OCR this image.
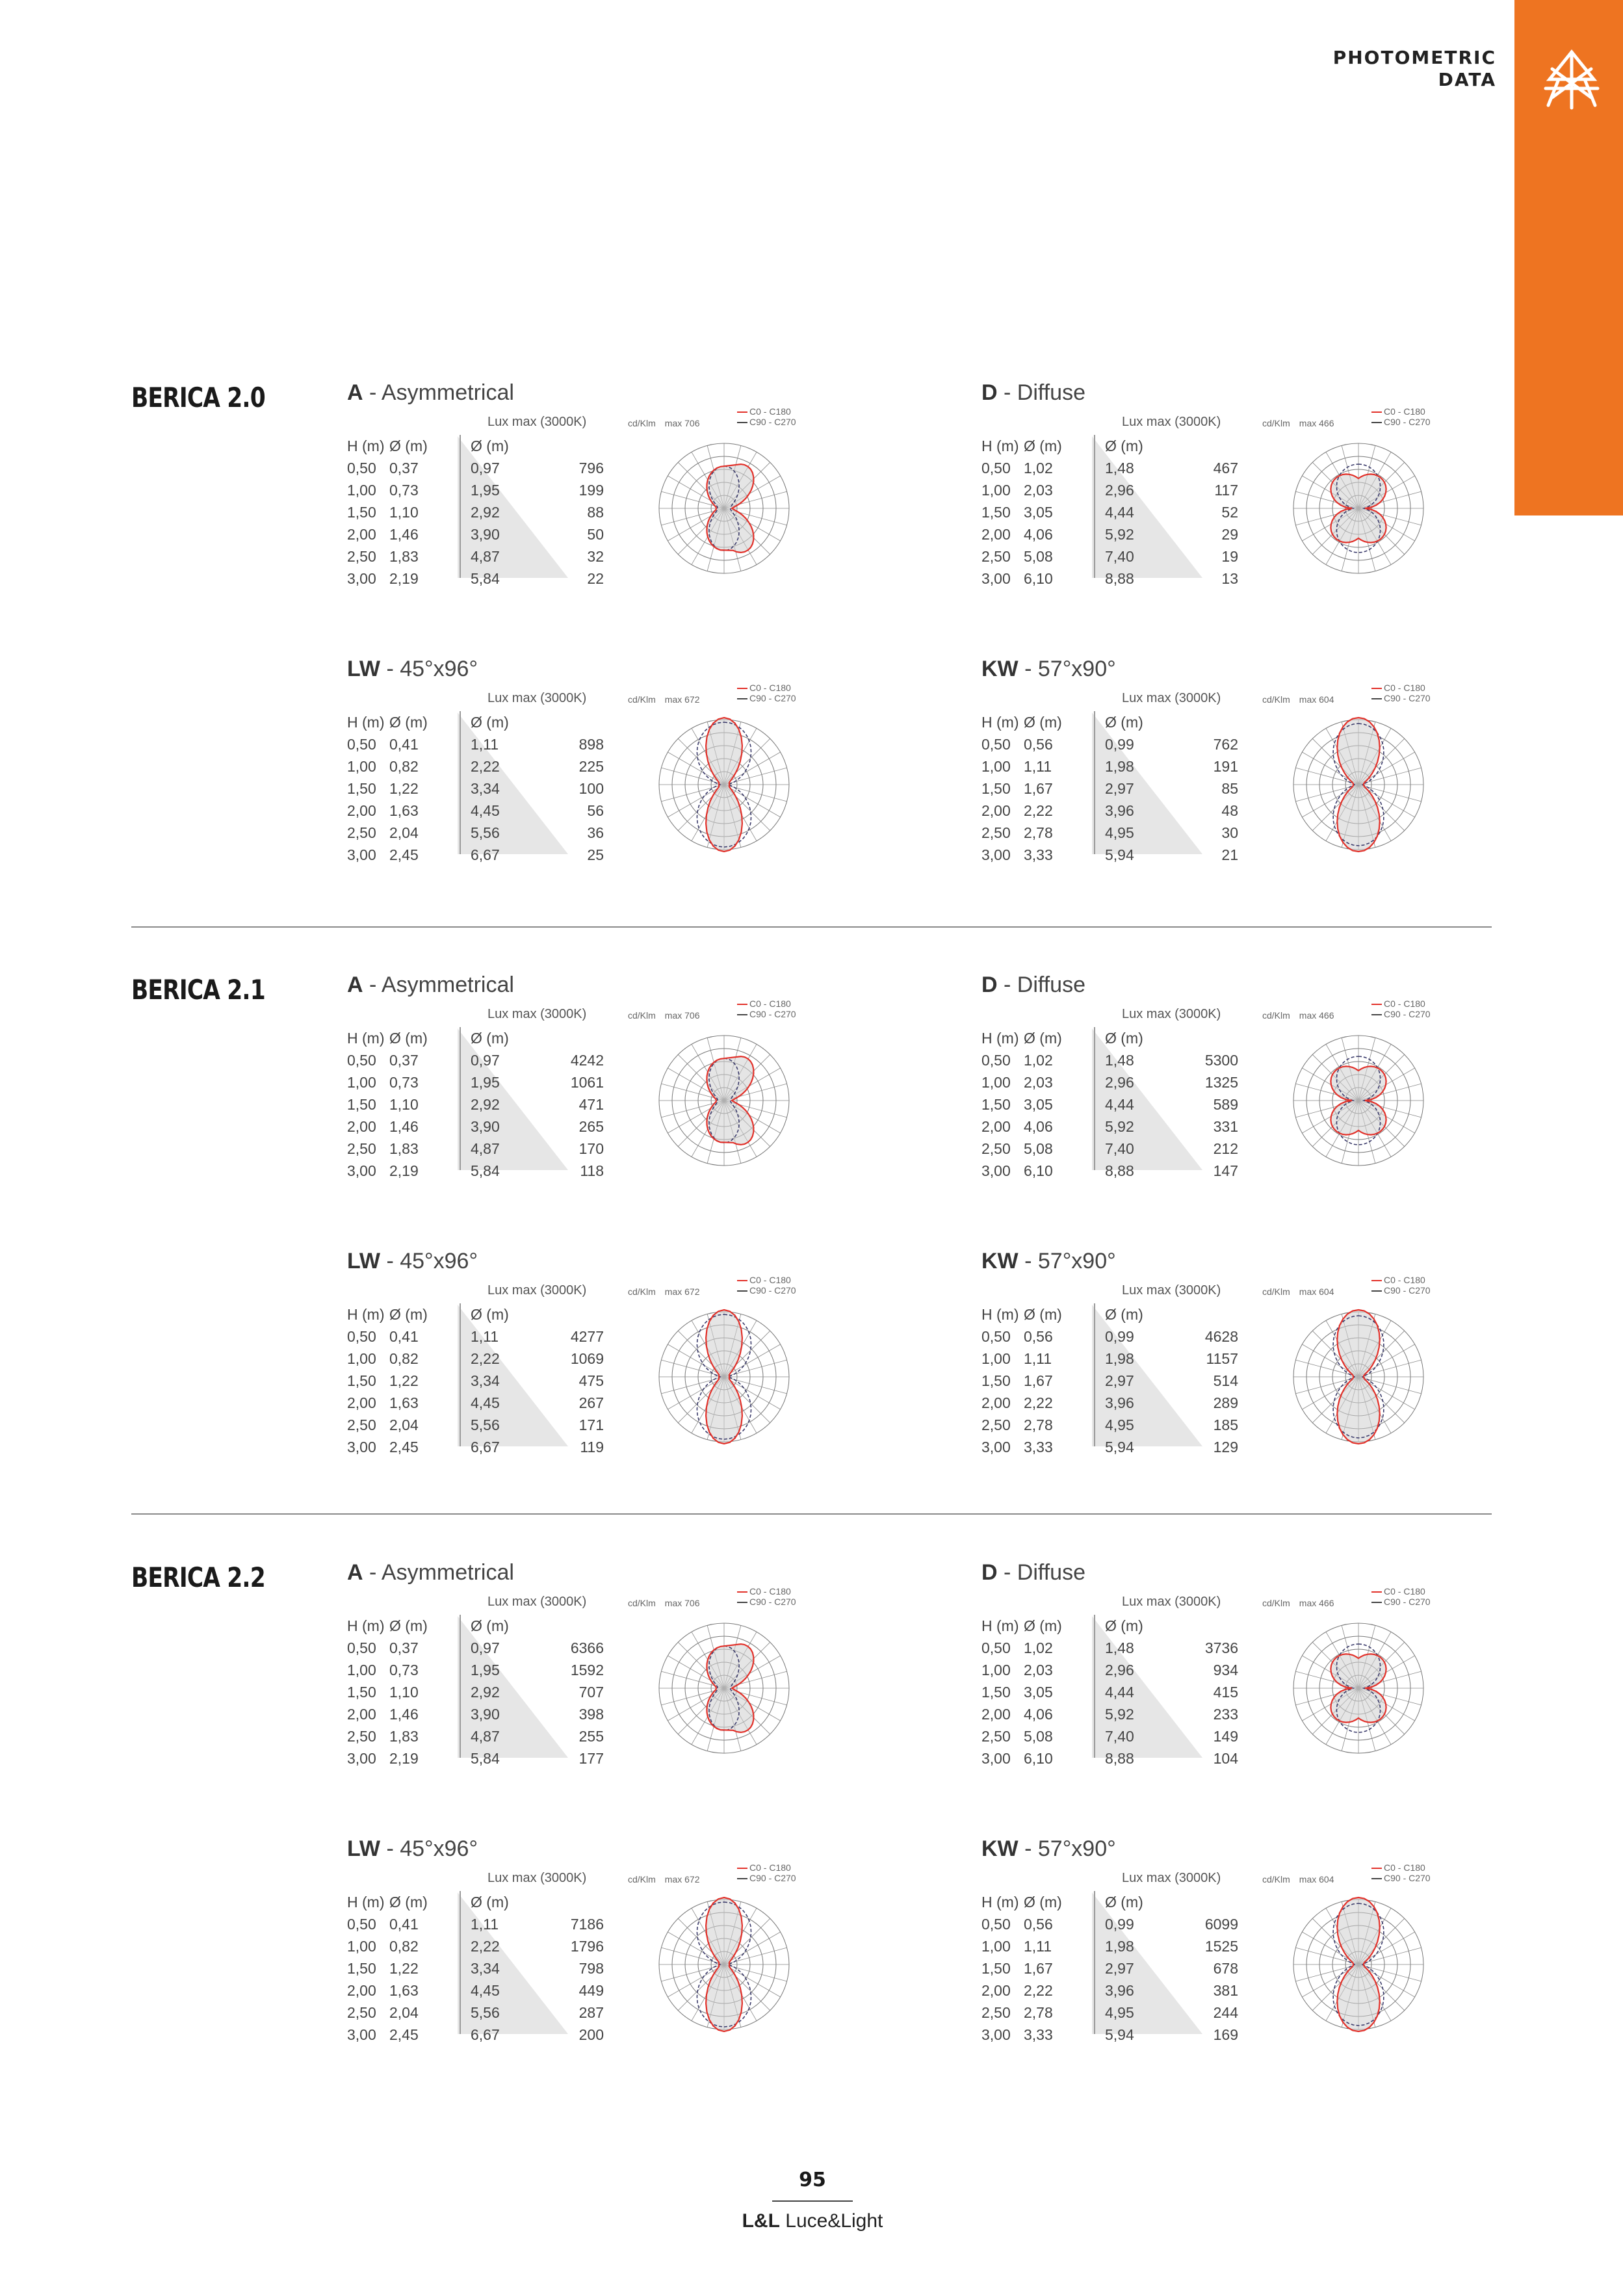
PHOTOMETRIC
DATA
BERICA 2.0	A - Asymmetrical
Lux max (3000K)	cd/Klm max 706
C0 - C180
C90 - C270
H (m) Ø (m)	Ø (m)
0,50 0,37	0,97	796
1,00 0,73	1,95	199
1,50 1,10	2,92	88
2,00 1,46	3,90	50
2,50 1,83	4,87	32
3,00 2,19	5,84	22
D - Diffuse
Lux max (3000K)	cd/Klm max 466
C0 - C180
C90 - C270
H (m) Ø (m)	Ø (m)
0,50 1,02	1,48	467
1,00 2,03	2,96	117
1,50 3,05	4,44	52
2,00 4,06	5,92	29
2,50 5,08	7,40	19
3,00 6,10	8,88	13
LW - 45°x96°
Lux max (3000K)	cd/Klm max 672
C0 - C180
C90 - C270
H (m) Ø (m)	Ø (m)
0,50 0,41	1,11	898
1,00 0,82	2,22	225
1,50 1,22	3,34	100
2,00 1,63	4,45	56
2,50 2,04	5,56	36
3,00 2,45	6,67	25
KW - 57°x90°
Lux max (3000K)	cd/Klm max 604
C0 - C180
C90 - C270
H (m) Ø (m)	Ø (m)
0,50 0,56	0,99	762
1,00 1,11	1,98	191
1,50 1,67	2,97	85
2,00 2,22	3,96	48
2,50 2,78	4,95	30
3,00 3,33	5,94	21
BERICA 2.1	A - Asymmetrical
Lux max (3000K)	cd/Klm max 706
C0 - C180
C90 - C270
H (m) Ø (m)	Ø (m)
0,50 0,37	0,97	4242
1,00 0,73	1,95	1061
1,50 1,10	2,92	471
2,00 1,46	3,90	265
2,50 1,83	4,87	170
3,00 2,19	5,84	118
D - Diffuse
Lux max (3000K)	cd/Klm max 466
C0 - C180
C90 - C270
H (m) Ø (m)	Ø (m)
0,50 1,02	1,48	5300
1,00 2,03	2,96	1325
1,50 3,05	4,44	589
2,00 4,06	5,92	331
2,50 5,08	7,40	212
3,00 6,10	8,88	147
LW - 45°x96°
Lux max (3000K)	cd/Klm max 672
C0 - C180
C90 - C270
H (m) Ø (m)	Ø (m)
0,50 0,41	1,11	4277
1,00 0,82	2,22	1069
1,50 1,22	3,34	475
2,00 1,63	4,45	267
2,50 2,04	5,56	171
3,00 2,45	6,67	119
KW - 57°x90°
Lux max (3000K)	cd/Klm max 604
C0 - C180
C90 - C270
H (m) Ø (m)	Ø (m)
0,50 0,56	0,99	4628
1,00 1,11	1,98	1157
1,50 1,67	2,97	514
2,00 2,22	3,96	289
2,50 2,78	4,95	185
3,00 3,33	5,94	129
BERICA 2.2	A - Asymmetrical
Lux max (3000K)	cd/Klm max 706
C0 - C180
C90 - C270
H (m) Ø (m)	Ø (m)
0,50 0,37	0,97	6366
1,00 0,73	1,95	1592
1,50 1,10	2,92	707
2,00 1,46	3,90	398
2,50 1,83	4,87	255
3,00 2,19	5,84	177
D - Diffuse
Lux max (3000K)	cd/Klm max 466
C0 - C180
C90 - C270
H (m) Ø (m)	Ø (m)
0,50 1,02	1,48	3736
1,00 2,03	2,96	934
1,50 3,05	4,44	415
2,00 4,06	5,92	233
2,50 5,08	7,40	149
3,00 6,10	8,88	104
LW - 45°x96°
Lux max (3000K)	cd/Klm max 672
C0 - C180
C90 - C270
H (m) Ø (m)	Ø (m)
0,50 0,41	1,11	7186
1,00 0,82	2,22	1796
1,50 1,22	3,34	798
2,00 1,63	4,45	449
2,50 2,04	5,56	287
3,00 2,45	6,67	200
KW - 57°x90°
Lux max (3000K)	cd/Klm max 604
C0 - C180
C90 - C270
H (m) Ø (m)	Ø (m)
0,50 0,56	0,99	6099
1,00 1,11	1,98	1525
1,50 1,67	2,97	678
2,00 2,22	3,96	381
2,50 2,78	4,95	244
3,00 3,33	5,94	169
95
L&L Luce&Light
